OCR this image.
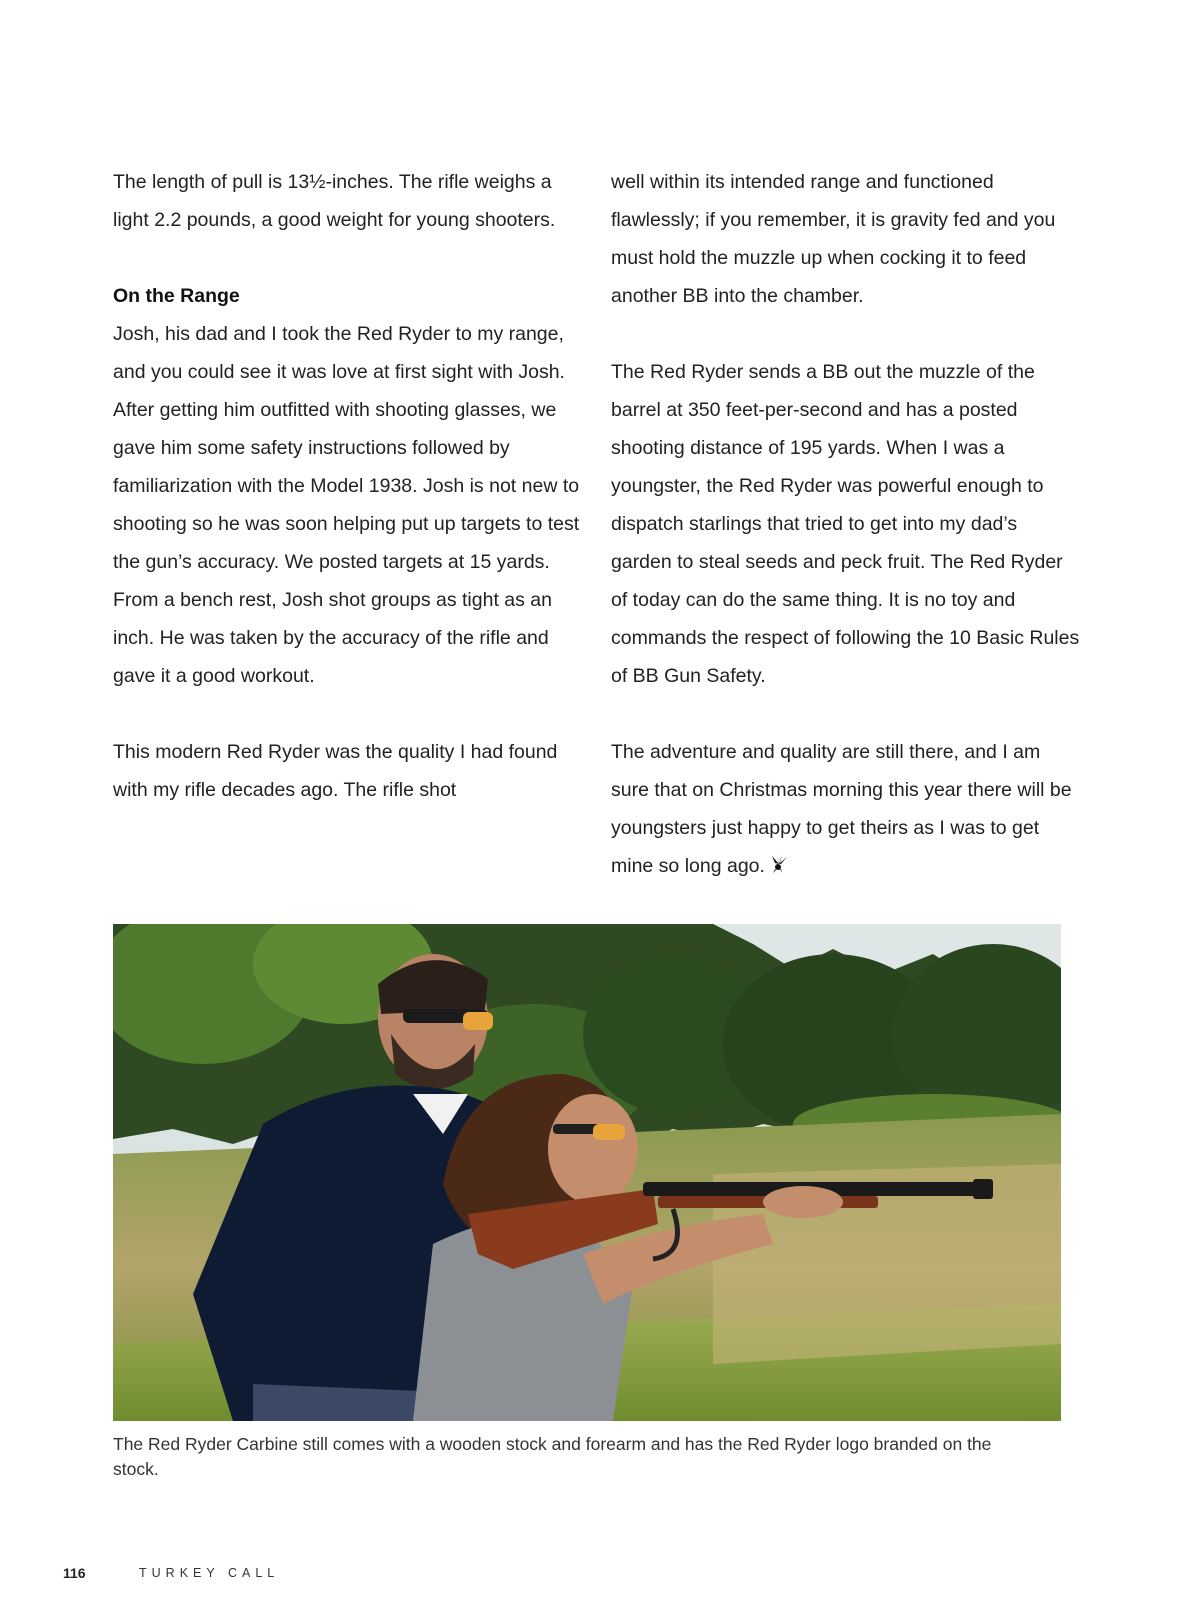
The length of pull is 13½-inches. The rifle weighs a light 2.2 pounds, a good weight for young shooters.

On the Range

Josh, his dad and I took the Red Ryder to my range, and you could see it was love at first sight with Josh. After getting him outfitted with shooting glasses, we gave him some safety instructions followed by familiarization with the Model 1938. Josh is not new to shooting so he was soon helping put up targets to test the gun’s accuracy. We posted targets at 15 yards. From a bench rest, Josh shot groups as tight as an inch. He was taken by the accuracy of the rifle and gave it a good workout.

This modern Red Ryder was the quality I had found with my rifle decades ago. The rifle shot

well within its intended range and functioned flawlessly; if you remember, it is gravity fed and you must hold the muzzle up when cocking it to feed another BB into the chamber.

The Red Ryder sends a BB out the muzzle of the barrel at 350 feet-per-second and has a posted shooting distance of 195 yards. When I was a youngster, the Red Ryder was powerful enough to dispatch starlings that tried to get into my dad’s garden to steal seeds and peck fruit. The Red Ryder of today can do the same thing. It is no toy and commands the respect of following the 10 Basic Rules of BB Gun Safety.

The adventure and quality are still there, and I am sure that on Christmas morning this year there will be youngsters just happy to get theirs as I was to get mine so long ago.

The Red Ryder Carbine still comes with a wooden stock and forearm and has the Red Ryder logo branded on the stock.

116	TURKEY CALL
